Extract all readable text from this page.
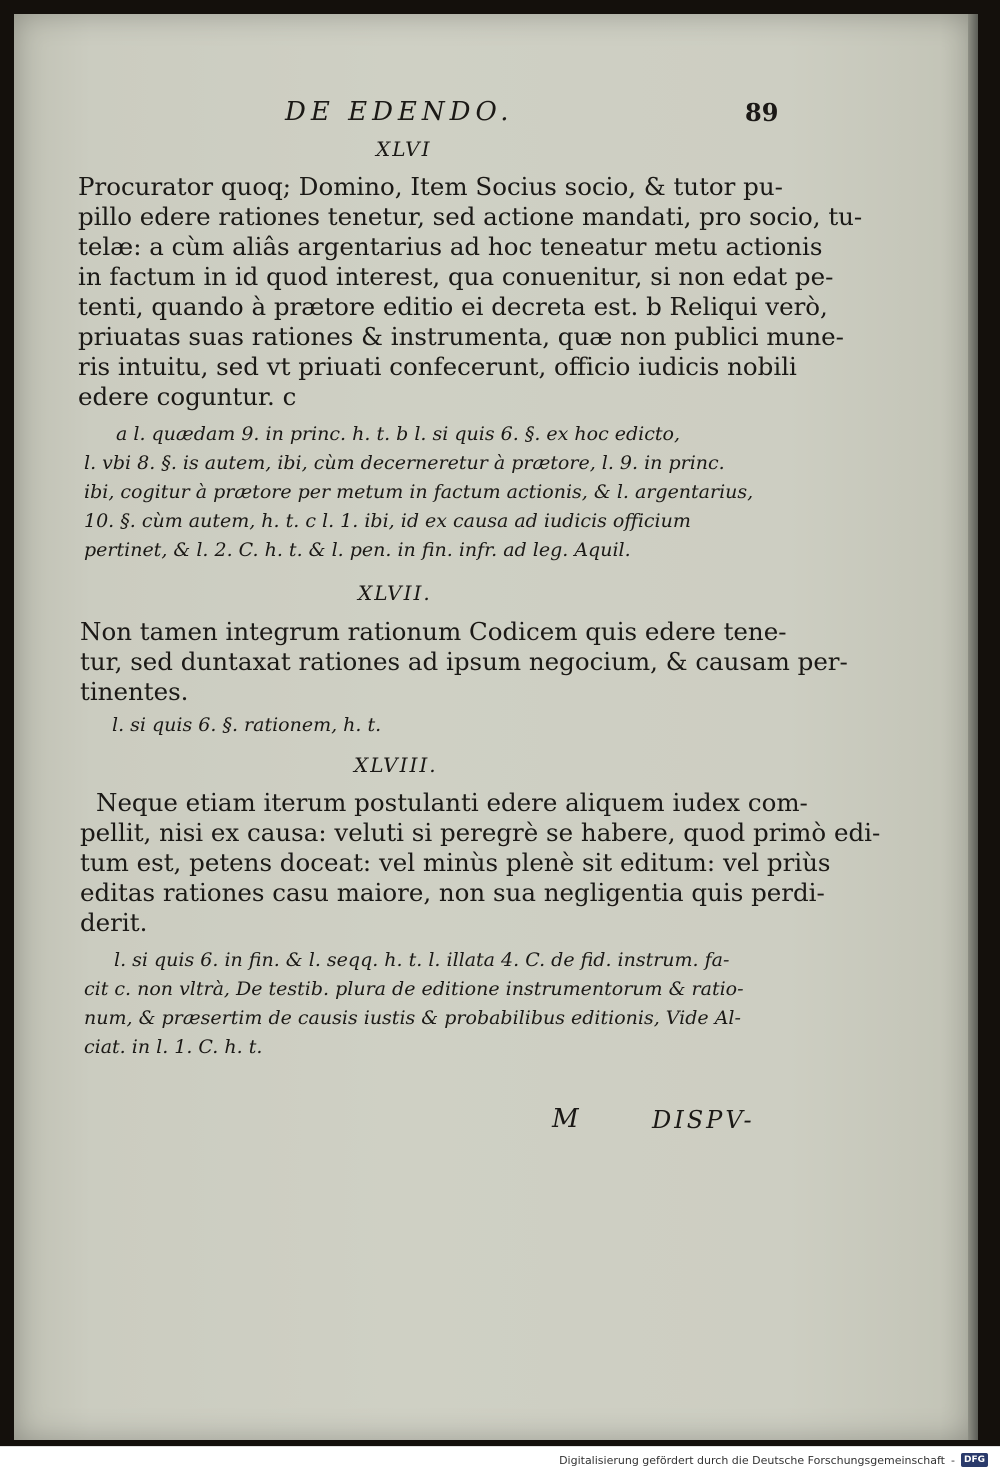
DE EDENDO.	89

XLVI

Procurator quoq; Domino, Item Socius socio, & tutor pu-
pillo edere rationes tenetur, sed actione mandati, pro socio, tu-
telæ: a cùm aliâs argentarius ad hoc teneatur metu actionis
in factum in id quod interest, qua conuenitur, si non edat pe-
tenti, quando à prætore editio ei decreta est. b Reliqui verò,
priuatas suas rationes & instrumenta, quæ non publici mune-
ris intuitu, sed vt priuati confecerunt, officio iudicis nobili
edere coguntur. c
a l. quædam 9. in princ. h. t. b l. si quis 6. §. ex hoc edicto,
l. vbi 8. §. is autem, ibi, cùm decerneretur à prætore, l. 9. in princ.
ibi, cogitur à prætore per metum in factum actionis, & l. argentarius,
10. §. cùm autem, h. t. c l. 1. ibi, id ex causa ad iudicis officium
pertinet, & l. 2. C. h. t. & l. pen. in fin. infr. ad leg. Aquil.

XLVII.

Non tamen integrum rationum Codicem quis edere tene-
tur, sed duntaxat rationes ad ipsum negocium, & causam per-
tinentes.
l. si quis 6. §. rationem, h. t.

XLVIII.

Neque etiam iterum postulanti edere aliquem iudex com-
pellit, nisi ex causa: veluti si peregrè se habere, quod primò edi-
tum est, petens doceat: vel minùs plenè sit editum: vel priùs
editas rationes casu maiore, non sua negligentia quis perdi-
derit.
l. si quis 6. in fin. & l. seqq. h. t. l. illata 4. C. de fid. instrum. fa-
cit c. non vltrà, De testib. plura de editione instrumentorum & ratio-
num, & præsertim de causis iustis & probabilibus editionis, Vide Al-
ciat. in l. 1. C. h. t.

M	DISPV-

Digitalisierung gefördert durch die Deutsche Forschungsgemeinschaft -	DFG
